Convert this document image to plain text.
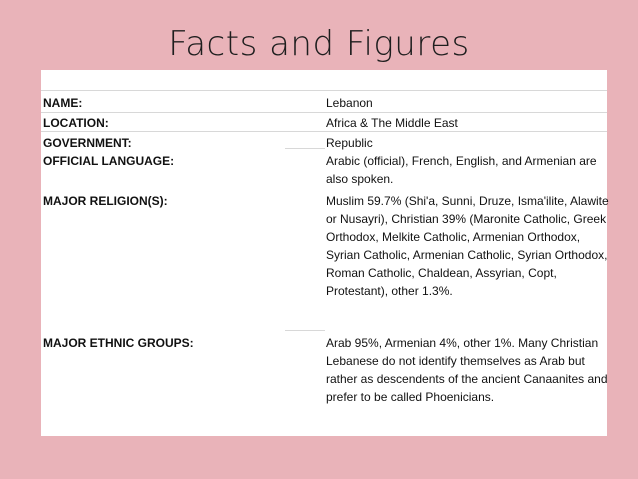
Facts and Figures
NAME:	Lebanon
LOCATION:	Africa & The Middle East
GOVERNMENT:	Republic
OFFICIAL LANGUAGE:	Arabic (official), French, English, and Armenian are also spoken.
MAJOR RELIGION(S):	Muslim 59.7% (Shi'a, Sunni, Druze, Isma'ilite, Alawite or Nusayri), Christian 39% (Maronite Catholic, Greek Orthodox, Melkite Catholic, Armenian Orthodox, Syrian Catholic, Armenian Catholic, Syrian Orthodox, Roman Catholic, Chaldean, Assyrian, Copt, Protestant), other 1.3%.
MAJOR ETHNIC GROUPS:	Arab 95%, Armenian 4%, other 1%. Many Christian Lebanese do not identify themselves as Arab but rather as descendents of the ancient Canaanites and prefer to be called Phoenicians.
